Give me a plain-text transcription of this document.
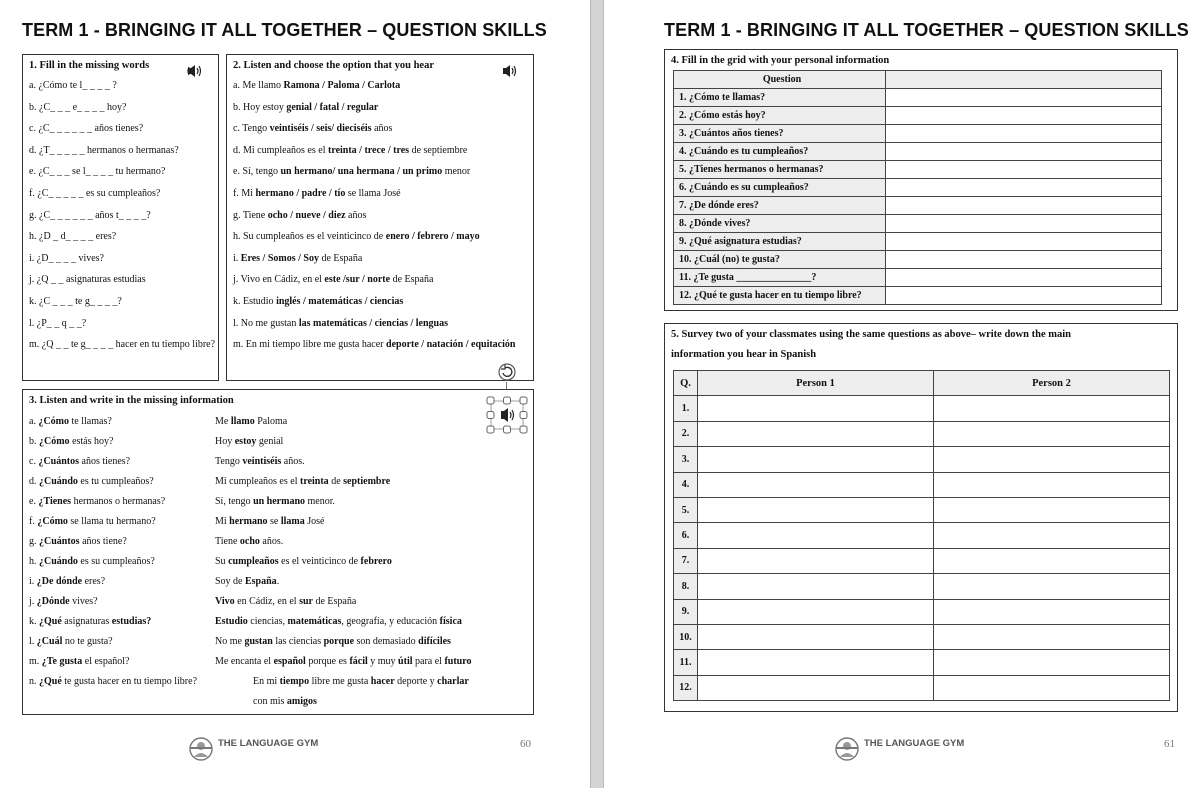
TERM 1 - BRINGING IT ALL TOGETHER – QUESTION SKILLS
1. Fill in the missing words
a. ¿Cómo te l_ _ _ _ ?
b. ¿C_ _ _ e_ _ _ _ hoy?
c. ¿C_ _ _ _ _ _ años tienes?
d. ¿T_ _ _ _ _ hermanos o hermanas?
e. ¿C_ _ _ se l_ _ _ _ tu hermano?
f. ¿C_ _ _ _ _ es su cumpleaños?
g. ¿C_ _ _ _ _ _ años t_ _ _ _?
h. ¿D _ d_ _ _ _ eres?
i. ¿D_ _ _ _ vives?
j. ¿Q _ _ asignaturas estudias
k. ¿C _ _ _ te g_ _ _ _?
l. ¿P_ _ q _ _?
m. ¿Q _ _ te g_ _ _ _ hacer en tu tiempo libre?
2. Listen and choose the option that you hear
a. Me llamo Ramona / Paloma / Carlota
b. Hoy estoy genial / fatal / regular
c. Tengo veintiséis / seis/ dieciséis años
d. Mi cumpleaños es el treinta / trece / tres de septiembre
e. Sí, tengo un hermano/ una hermana / un primo menor
f. Mi hermano / padre / tío se llama José
g. Tiene ocho / nueve / diez años
h. Su cumpleaños es el veinticinco de enero / febrero / mayo
i. Eres / Somos / Soy de España
j. Vivo en Cádiz, en el este /sur / norte de España
k. Estudio inglés / matemáticas / ciencias
l. No me gustan las matemáticas / ciencias / lenguas
m. En mi tiempo libre me gusta hacer deporte / natación / equitación
3. Listen and write in the missing information
a. ¿Cómo te llamas?	Me llamo Paloma
b. ¿Cómo estás hoy?	Hoy estoy genial
c. ¿Cuántos años tienes?	Tengo veintiséis años.
d. ¿Cuándo es tu cumpleaños?	Mi cumpleaños es el treinta de septiembre
e. ¿Tienes hermanos o hermanas?	Sí, tengo un hermano menor.
f. ¿Cómo se llama tu hermano?	Mi hermano se llama José
g. ¿Cuántos años tiene?	Tiene ocho años.
h. ¿Cuándo es su cumpleaños?	Su cumpleaños es el veinticinco de febrero
i. ¿De dónde eres?	Soy de España.
j. ¿Dónde vives?	Vivo en Cádiz, en el sur de España
k. ¿Qué asignaturas estudias?	Estudio ciencias, matemáticas, geografía, y educación física
l. ¿Cuál no te gusta?	No me gustan las ciencias porque son demasiado difíciles
m. ¿Te gusta el español?	Me encanta el español porque es fácil y muy útil para el futuro
n. ¿Qué te gusta hacer en tu tiempo libre?	En mi tiempo libre me gusta hacer deporte y charlar
con mis amigos
THE LANGUAGE GYM	60
TERM 1 - BRINGING IT ALL TOGETHER – QUESTION SKILLS
4. Fill in the grid with your personal information
Question	
1. ¿Cómo te llamas?	
2. ¿Cómo estás hoy?	
3. ¿Cuántos años tienes?	
4. ¿Cuándo es tu cumpleaños?	
5. ¿Tienes hermanos o hermanas?	
6. ¿Cuándo es su cumpleaños?	
7. ¿De dónde eres?	
8. ¿Dónde vives?	
9. ¿Qué asignatura estudias?	
10. ¿Cuál (no) te gusta?	
11. ¿Te gusta _______________?	
12. ¿Qué te gusta hacer en tu tiempo libre?	
5. Survey two of your classmates using the same questions as above– write down the main
information you hear in Spanish
Q.	Person 1	Person 2
1.		
2.		
3.		
4.		
5.		
6.		
7.		
8.		
9.		
10.		
11.		
12.		
THE LANGUAGE GYM	61
